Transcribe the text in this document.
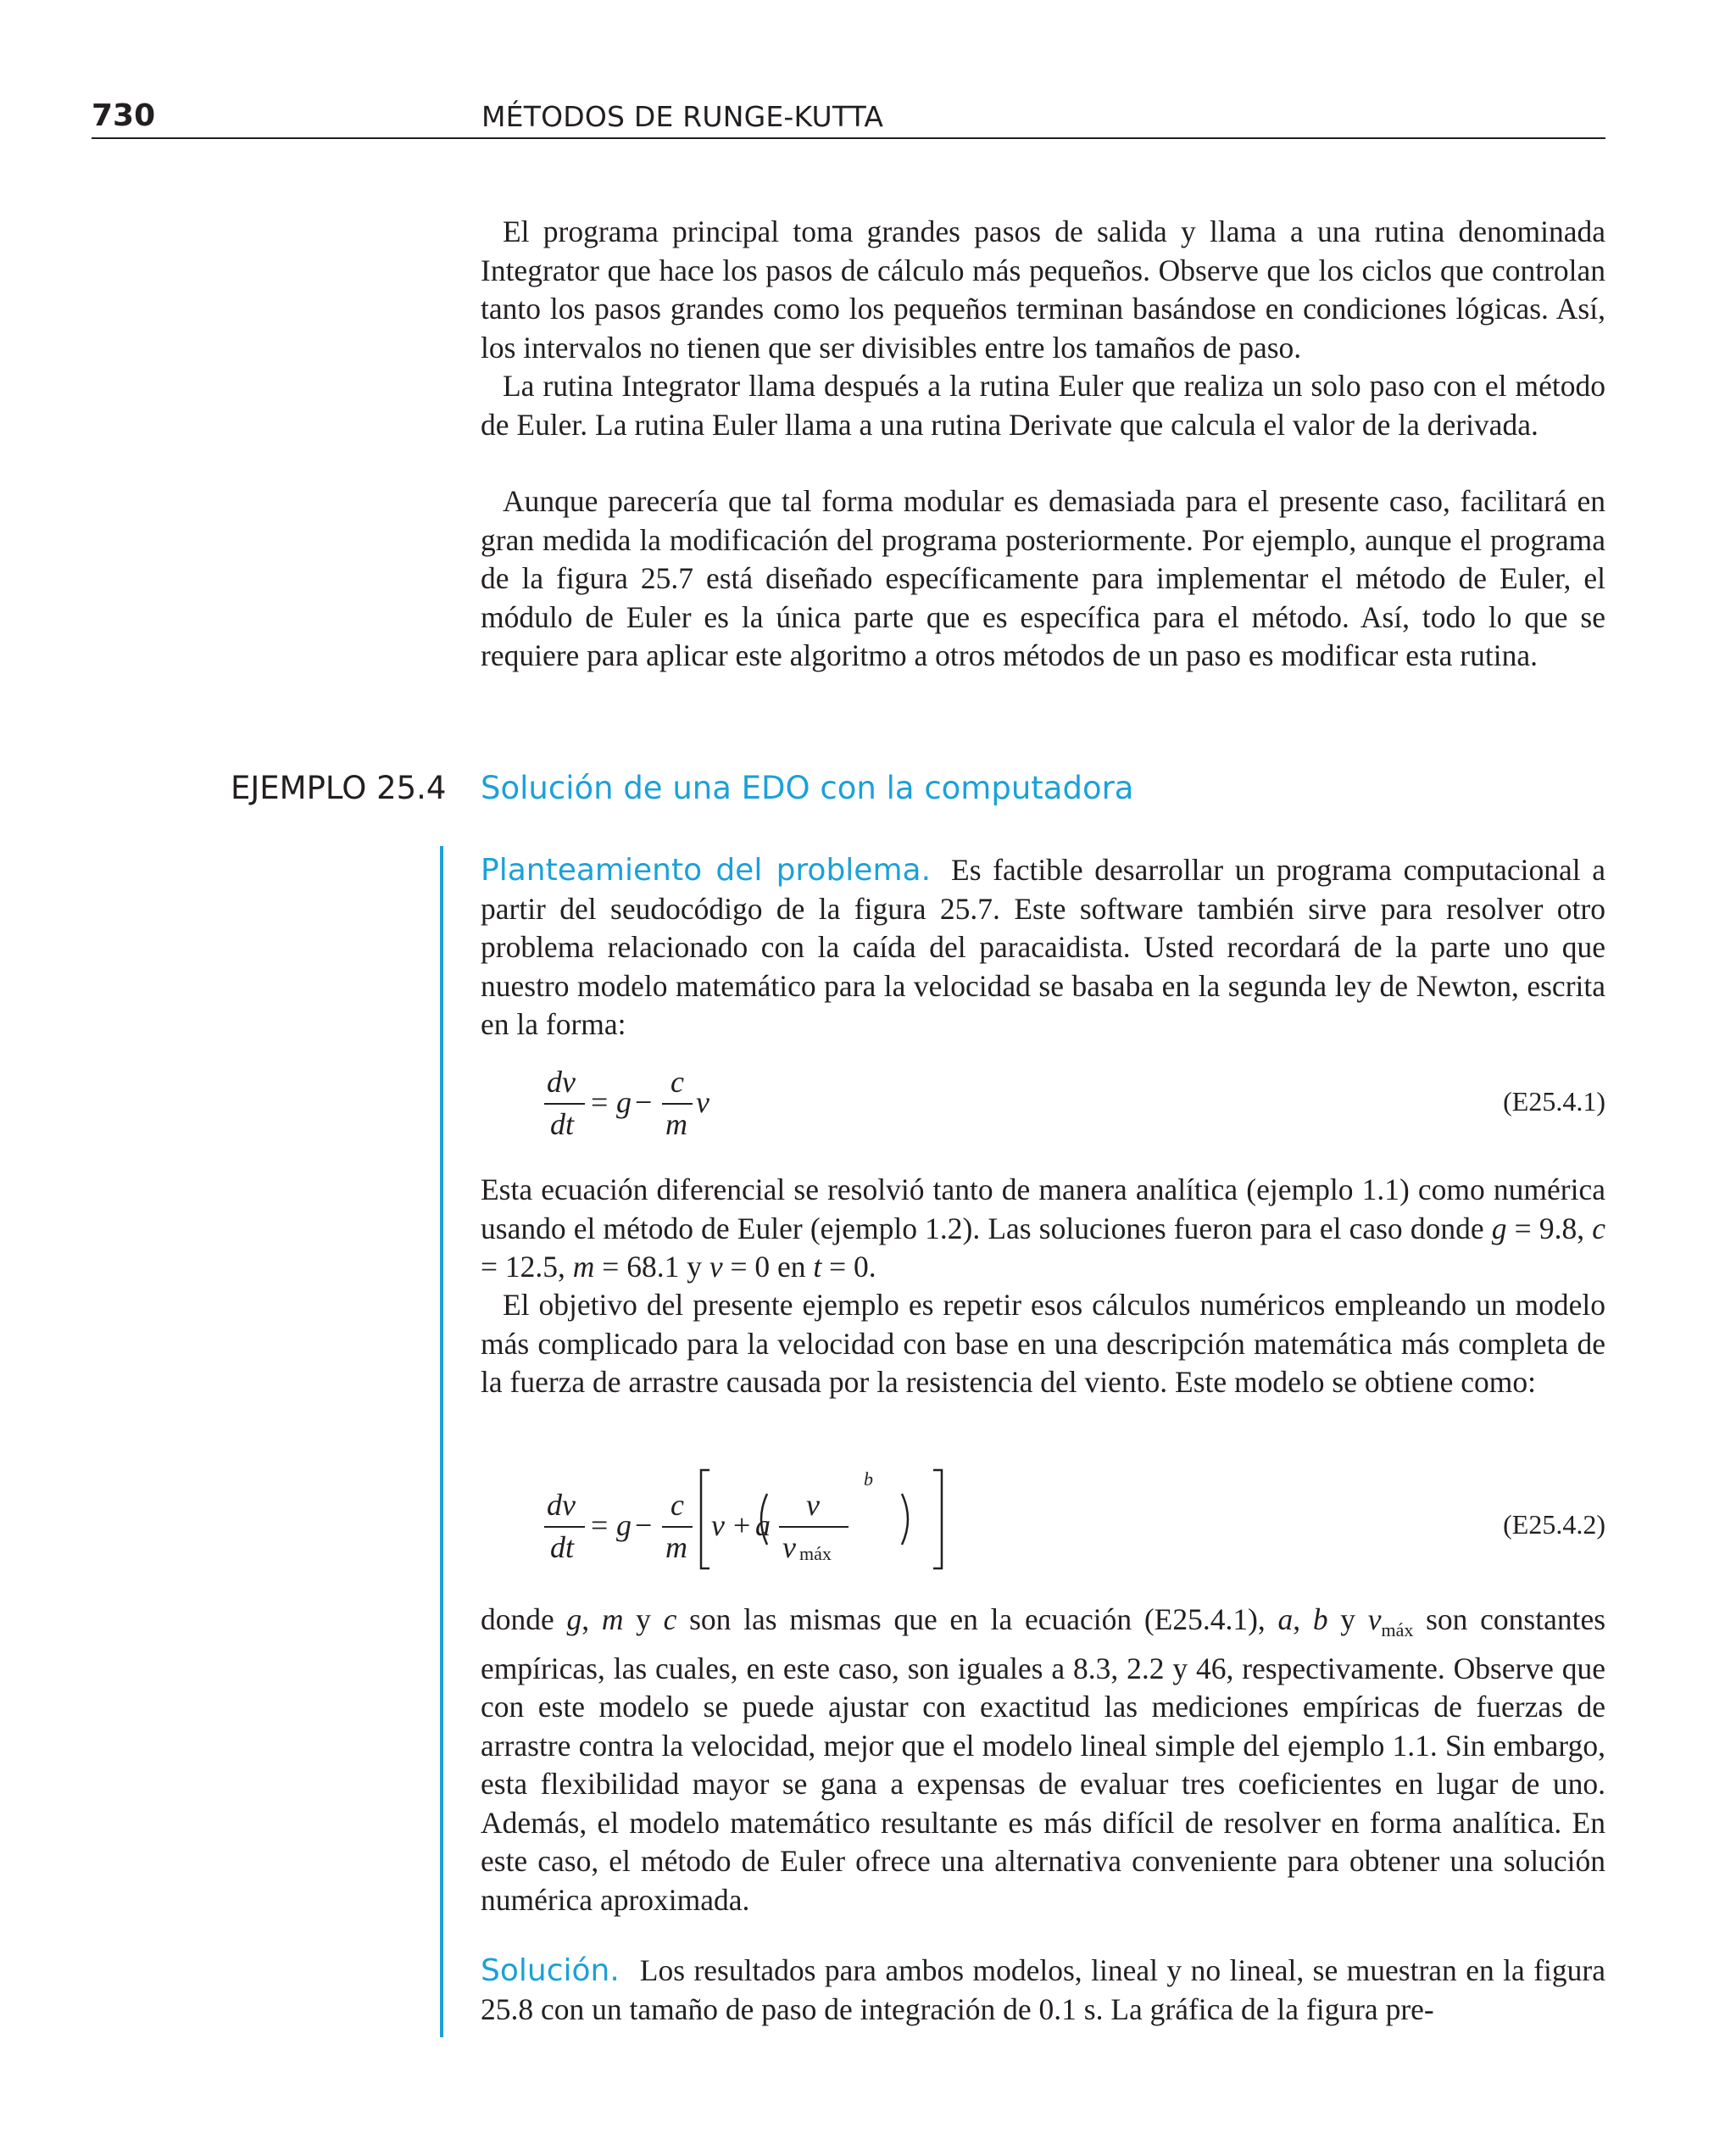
730	MÉTODOS DE RUNGE-KUTTA

El programa principal toma grandes pasos de salida y llama a una rutina denominada Integrator que hace los pasos de cálculo más pequeños. Observe que los ciclos que controlan tanto los pasos grandes como los pequeños terminan basándose en condiciones lógicas. Así, los intervalos no tienen que ser divisibles entre los tamaños de paso.

La rutina Integrator llama después a la rutina Euler que realiza un solo paso con el método de Euler. La rutina Euler llama a una rutina Derivate que calcula el valor de la derivada.

Aunque parecería que tal forma modular es demasiada para el presente caso, facilitará en gran medida la modificación del programa posteriormente. Por ejemplo, aunque el programa de la figura 25.7 está diseñado específicamente para implementar el método de Euler, el módulo de Euler es la única parte que es específica para el método. Así, todo lo que se requiere para aplicar este algoritmo a otros métodos de un paso es modificar esta rutina.

EJEMPLO 25.4 Solución de una EDO con la computadora

Planteamiento del problema. Es factible desarrollar un programa computacional a partir del seudocódigo de la figura 25.7. Este software también sirve para resolver otro problema relacionado con la caída del paracaidista. Usted recordará de la parte uno que nuestro modelo matemático para la velocidad se basaba en la segunda ley de Newton, escrita en la forma:

dv
dt
= g −
c
m
v	(E25.4.1)

Esta ecuación diferencial se resolvió tanto de manera analítica (ejemplo 1.1) como numérica usando el método de Euler (ejemplo 1.2). Las soluciones fueron para el caso donde g = 9.8, c = 12.5, m = 68.1 y v = 0 en t = 0.

El objetivo del presente ejemplo es repetir esos cálculos numéricos empleando un modelo más complicado para la velocidad con base en una descripción matemática más completa de la fuerza de arrastre causada por la resistencia del viento. Este modelo se obtiene como:

dv
dt
= g −
c
m
v + a
v
v máx
b
(E25.4.2)

donde g, m y c son las mismas que en la ecuación (E25.4.1), a, b y $v_{máx}$ son constantes empíricas, las cuales, en este caso, son iguales a 8.3, 2.2 y 46, respectivamente. Observe que con este modelo se puede ajustar con exactitud las mediciones empíricas de fuerzas de arrastre contra la velocidad, mejor que el modelo lineal simple del ejemplo 1.1. Sin embargo, esta flexibilidad mayor se gana a expensas de evaluar tres coeficientes en lugar de uno. Además, el modelo matemático resultante es más difícil de resolver en forma analítica. En este caso, el método de Euler ofrece una alternativa conveniente para obtener una solución numérica aproximada.

Solución. Los resultados para ambos modelos, lineal y no lineal, se muestran en la figura 25.8 con un tamaño de paso de integración de 0.1 s. La gráfica de la figura pre-
